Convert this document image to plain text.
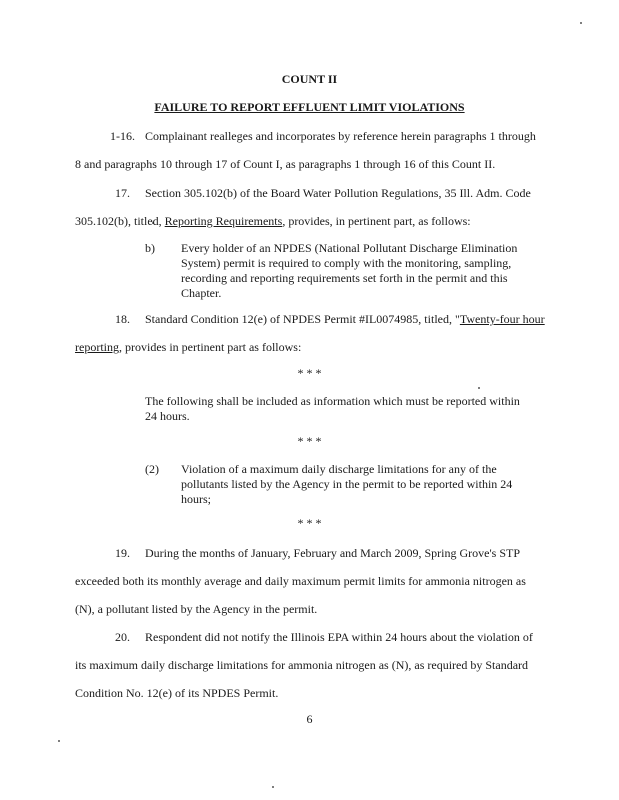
COUNT II
FAILURE TO REPORT EFFLUENT LIMIT VIOLATIONS
1-16. Complainant realleges and incorporates by reference herein paragraphs 1 through
8 and paragraphs 10 through 17 of Count I, as paragraphs 1 through 16 of this Count II.
17. Section 305.102(b) of the Board Water Pollution Regulations, 35 Ill. Adm. Code
305.102(b), titled, Reporting Requirements, provides, in pertinent part, as follows:
b) Every holder of an NPDES (National Pollutant Discharge Elimination System) permit is required to comply with the monitoring, sampling, recording and reporting requirements set forth in the permit and this Chapter.
18. Standard Condition 12(e) of NPDES Permit #IL0074985, titled, "Twenty-four hour
reporting, provides in pertinent part as follows:
* * *
The following shall be included as information which must be reported within 24 hours.
* * *
(2) Violation of a maximum daily discharge limitations for any of the pollutants listed by the Agency in the permit to be reported within 24 hours;
* * *
19. During the months of January, February and March 2009, Spring Grove's STP
exceeded both its monthly average and daily maximum permit limits for ammonia nitrogen as
(N), a pollutant listed by the Agency in the permit.
20. Respondent did not notify the Illinois EPA within 24 hours about the violation of
its maximum daily discharge limitations for ammonia nitrogen as (N), as required by Standard
Condition No. 12(e) of its NPDES Permit.
6
